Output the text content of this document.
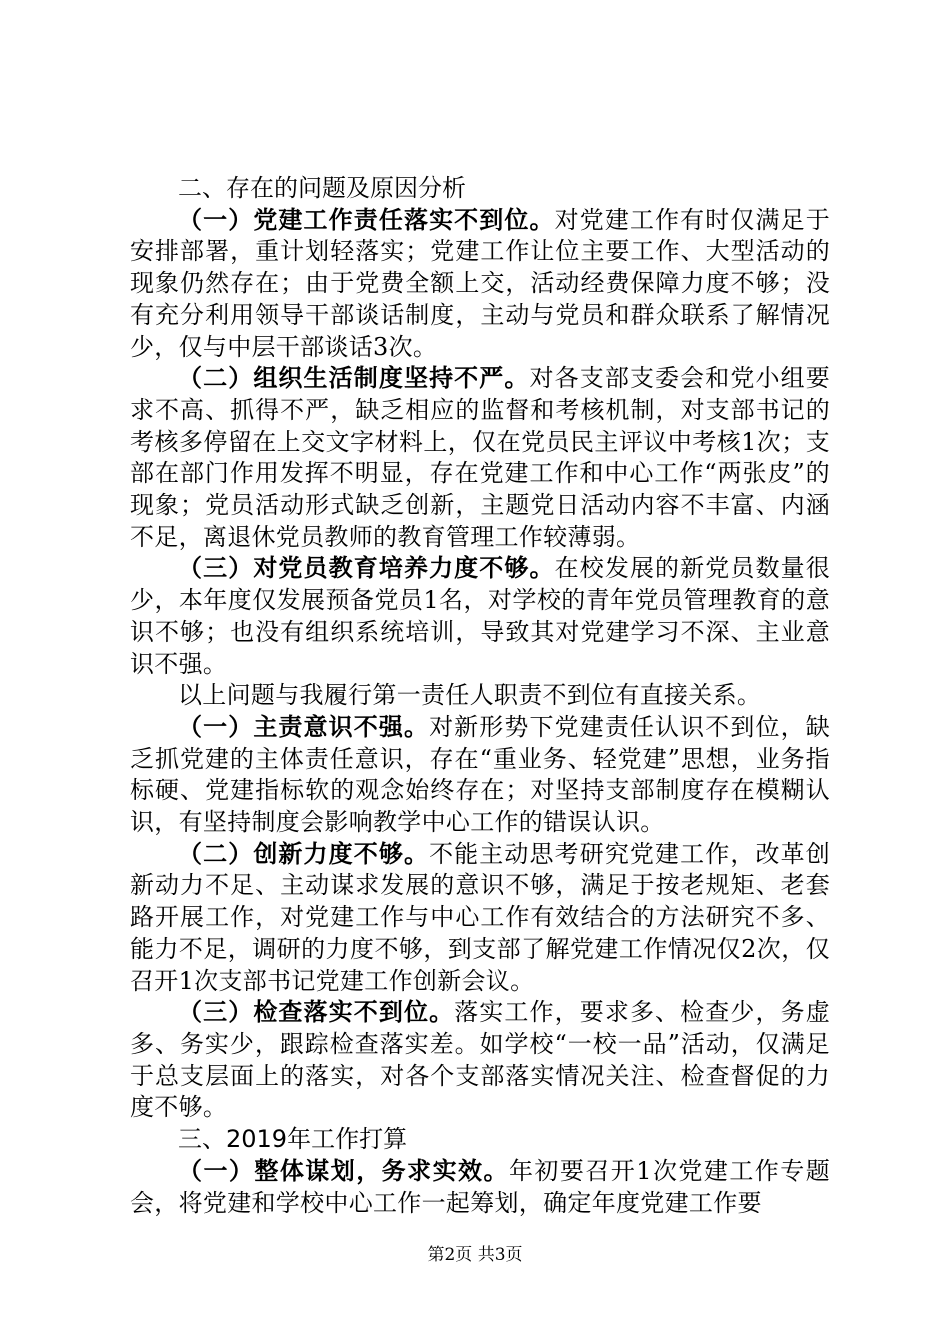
二、存在的问题及原因分析

（一）党建工作责任落实不到位。对党建工作有时仅满足于安排部署，重计划轻落实；党建工作让位主要工作、大型活动的现象仍然存在；由于党费全额上交，活动经费保障力度不够；没有充分利用领导干部谈话制度，主动与党员和群众联系了解情况少，仅与中层干部谈话3次。

（二）组织生活制度坚持不严。对各支部支委会和党小组要求不高、抓得不严，缺乏相应的监督和考核机制，对支部书记的考核多停留在上交文字材料上，仅在党员民主评议中考核1次；支部在部门作用发挥不明显，存在党建工作和中心工作“两张皮”的现象；党员活动形式缺乏创新，主题党日活动内容不丰富、内涵不足，离退休党员教师的教育管理工作较薄弱。

（三）对党员教育培养力度不够。在校发展的新党员数量很少，本年度仅发展预备党员1名，对学校的青年党员管理教育的意识不够；也没有组织系统培训，导致其对党建学习不深、主业意识不强。

以上问题与我履行第一责任人职责不到位有直接关系。

（一）主责意识不强。对新形势下党建责任认识不到位，缺乏抓党建的主体责任意识，存在“重业务、轻党建”思想，业务指标硬、党建指标软的观念始终存在；对坚持支部制度存在模糊认识，有坚持制度会影响教学中心工作的错误认识。

（二）创新力度不够。不能主动思考研究党建工作，改革创新动力不足、主动谋求发展的意识不够，满足于按老规矩、老套路开展工作，对党建工作与中心工作有效结合的方法研究不多、能力不足，调研的力度不够，到支部了解党建工作情况仅2次，仅召开1次支部书记党建工作创新会议。

（三）检查落实不到位。落实工作，要求多、检查少，务虚多、务实少，跟踪检查落实差。如学校“一校一品”活动，仅满足于总支层面上的落实，对各个支部落实情况关注、检查督促的力度不够。

三、2019年工作打算

（一）整体谋划，务求实效。年初要召开1次党建工作专题会，将党建和学校中心工作一起筹划，确定年度党建工作要

第2页 共3页
